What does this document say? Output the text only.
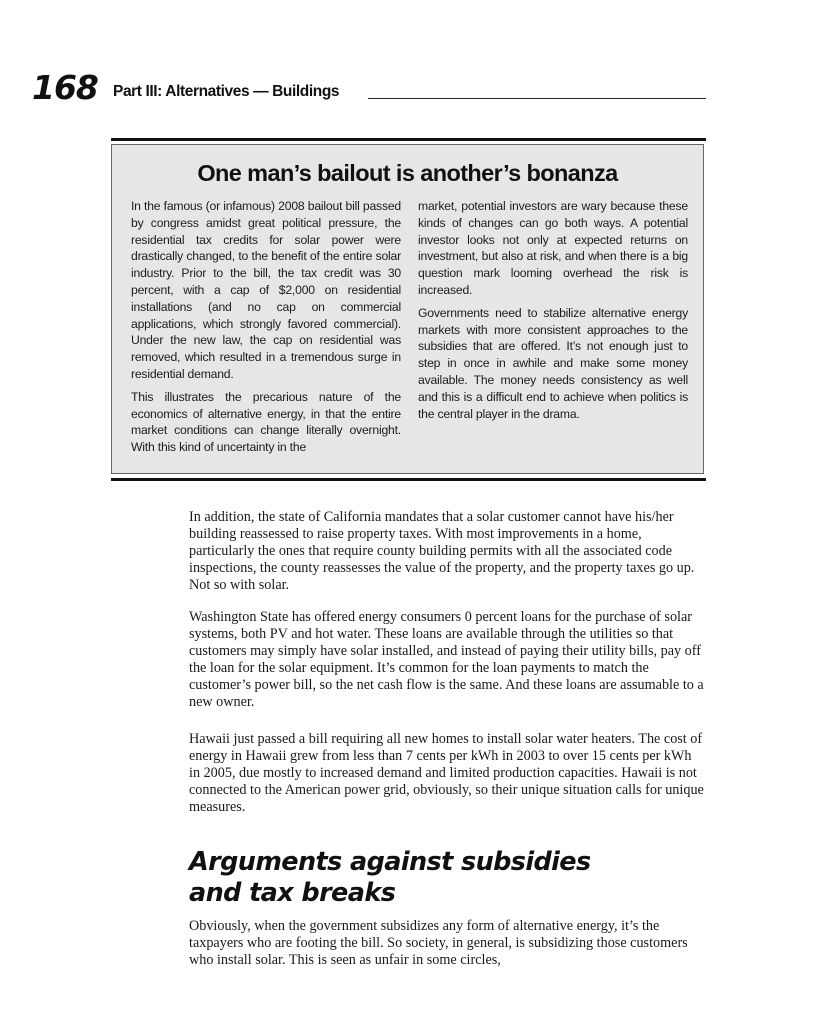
168 Part III: Alternatives — Buildings
One man’s bailout is another’s bonanza

In the famous (or infamous) 2008 bailout bill passed by congress amidst great political pressure, the residential tax credits for solar power were drastically changed, to the benefit of the entire solar industry. Prior to the bill, the tax credit was 30 percent, with a cap of $2,000 on residential installations (and no cap on commercial applications, which strongly favored commercial). Under the new law, the cap on residential was removed, which resulted in a tremendous surge in residential demand.

This illustrates the precarious nature of the economics of alternative energy, in that the entire market conditions can change literally overnight. With this kind of uncertainty in the

market, potential investors are wary because these kinds of changes can go both ways. A potential investor looks not only at expected returns on investment, but also at risk, and when there is a big question mark looming overhead the risk is increased.

Governments need to stabilize alternative energy markets with more consistent approaches to the subsidies that are offered. It’s not enough just to step in once in awhile and make some money available. The money needs consistency as well and this is a difficult end to achieve when politics is the central player in the drama.

In addition, the state of California mandates that a solar customer cannot have his/her building reassessed to raise property taxes. With most improvements in a home, particularly the ones that require county building permits with all the associated code inspections, the county reassesses the value of the property, and the property taxes go up. Not so with solar.

Washington State has offered energy consumers 0 percent loans for the purchase of solar systems, both PV and hot water. These loans are available through the utilities so that customers may simply have solar installed, and instead of paying their utility bills, pay off the loan for the solar equipment. It’s common for the loan payments to match the customer’s power bill, so the net cash flow is the same. And these loans are assumable to a new owner.

Hawaii just passed a bill requiring all new homes to install solar water heaters. The cost of energy in Hawaii grew from less than 7 cents per kWh in 2003 to over 15 cents per kWh in 2005, due mostly to increased demand and limited production capacities. Hawaii is not connected to the American power grid, obviously, so their unique situation calls for unique measures.

Arguments against subsidies
and tax breaks

Obviously, when the government subsidizes any form of alternative energy, it’s the taxpayers who are footing the bill. So society, in general, is subsidizing those customers who install solar. This is seen as unfair in some circles,
